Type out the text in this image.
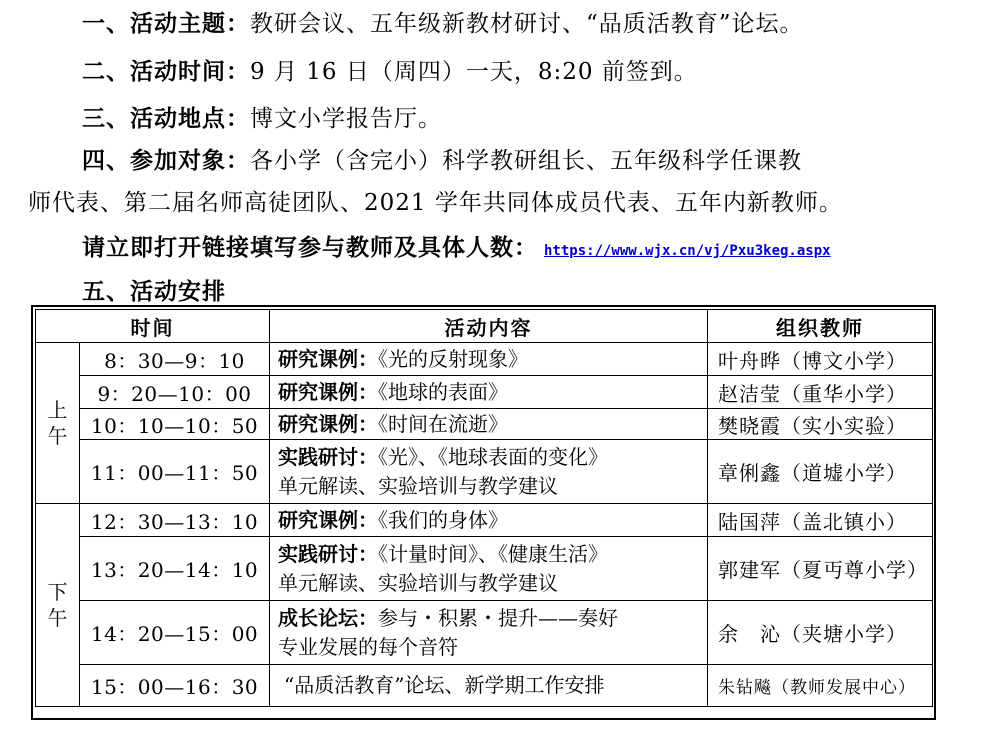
一、活动主题：教研会议、五年级新教材研讨、“品质活教育”论坛。
二、活动时间：9 月 16 日（周四）一天，8:20 前签到。
三、活动地点：博文小学报告厅。
四、参加对象：各小学（含完小）科学教研组长、五年级科学任课教
师代表、第二届名师高徒团队、2021 学年共同体成员代表、五年内新教师。
请立即打开链接填写参与教师及具体人数： https://www.wjx.cn/vj/Pxu3keg.aspx
五、活动安排
时间		活动内容	组织教师

上
午	8：30—9：10	研究课例：《光的反射现象》	叶舟晔（博文小学）
	9：20—10：00	研究课例：《地球的表面》	赵洁莹（重华小学）
	10：10—10：50	研究课例：《时间在流逝》	樊晓霞（实小实验）
	11：00—11：50	实践研讨：《光》、《地球表面的变化》
单元解读、实验培训与教学建议	章俐鑫（道墟小学）

下
午	12：30—13：10	研究课例：《我们的身体》	陆国萍（盖北镇小）
	13：20—14：10	实践研讨：《计量时间》、《健康生活》
单元解读、实验培训与教学建议	郭建军（夏丏尊小学）
	14：20—15：00	成长论坛：参与・积累・提升——奏好
专业发展的每个音符	余　沁（夹塘小学）
	15：00—16：30	“品质活教育”论坛、新学期工作安排	朱钻飚（教师发展中心）
